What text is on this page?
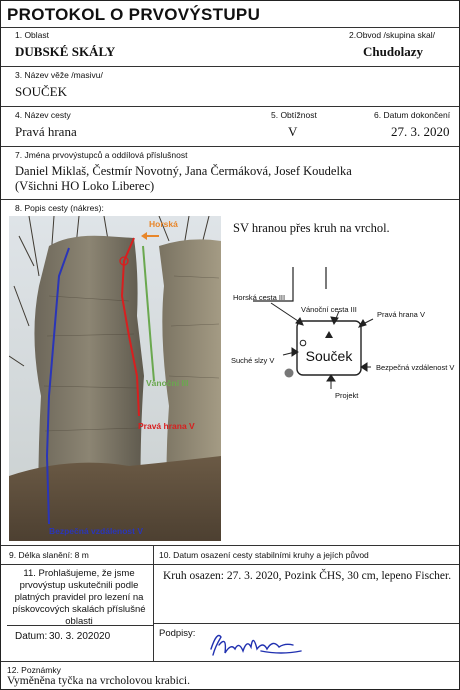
PROTOKOL O PRVOVÝSTUPU
1. Oblast
DUBSKÉ SKÁLY
2.Obvod /skupina skal/
Chudolazy
3. Název věže /masivu/
SOUČEK
4. Název cesty
Pravá hrana
5. Obtížnost
V
6. Datum dokončení
27. 3. 2020
7. Jména prvovýstupců a oddílová příslušnost
Daniel Miklaš, Čestmír Novotný, Jana Čermáková, Josef Koudelka
(Všichni HO Loko Liberec)
8. Popis cesty (nákres):
SV hranou přes kruh na vrchol.
Horská
Vánoční III
Pravá hrana V
Bezpečná vzdálenost V
Souček
Horská cesta III
Vánoční cesta III
Pravá hrana V
Suché slzy V
Bezpečná vzdálenost V
Projekt
9. Délka slanění: 8 m	10. Datum osazení cesty stabilními kruhy a jejích původ
Kruh osazen: 27. 3. 2020, Pozink ČHS, 30 cm, lepeno Fischer.
11. Prohlašujeme, že jsme
prvovýstup uskutečnili podle
platných pravidel pro lezení na
pískovcových skalách příslušné
oblasti
Datum: 30. 3. 202020	Podpisy:
12. Poznámky
Vyměněna tyčka na vrcholovou krabici.
